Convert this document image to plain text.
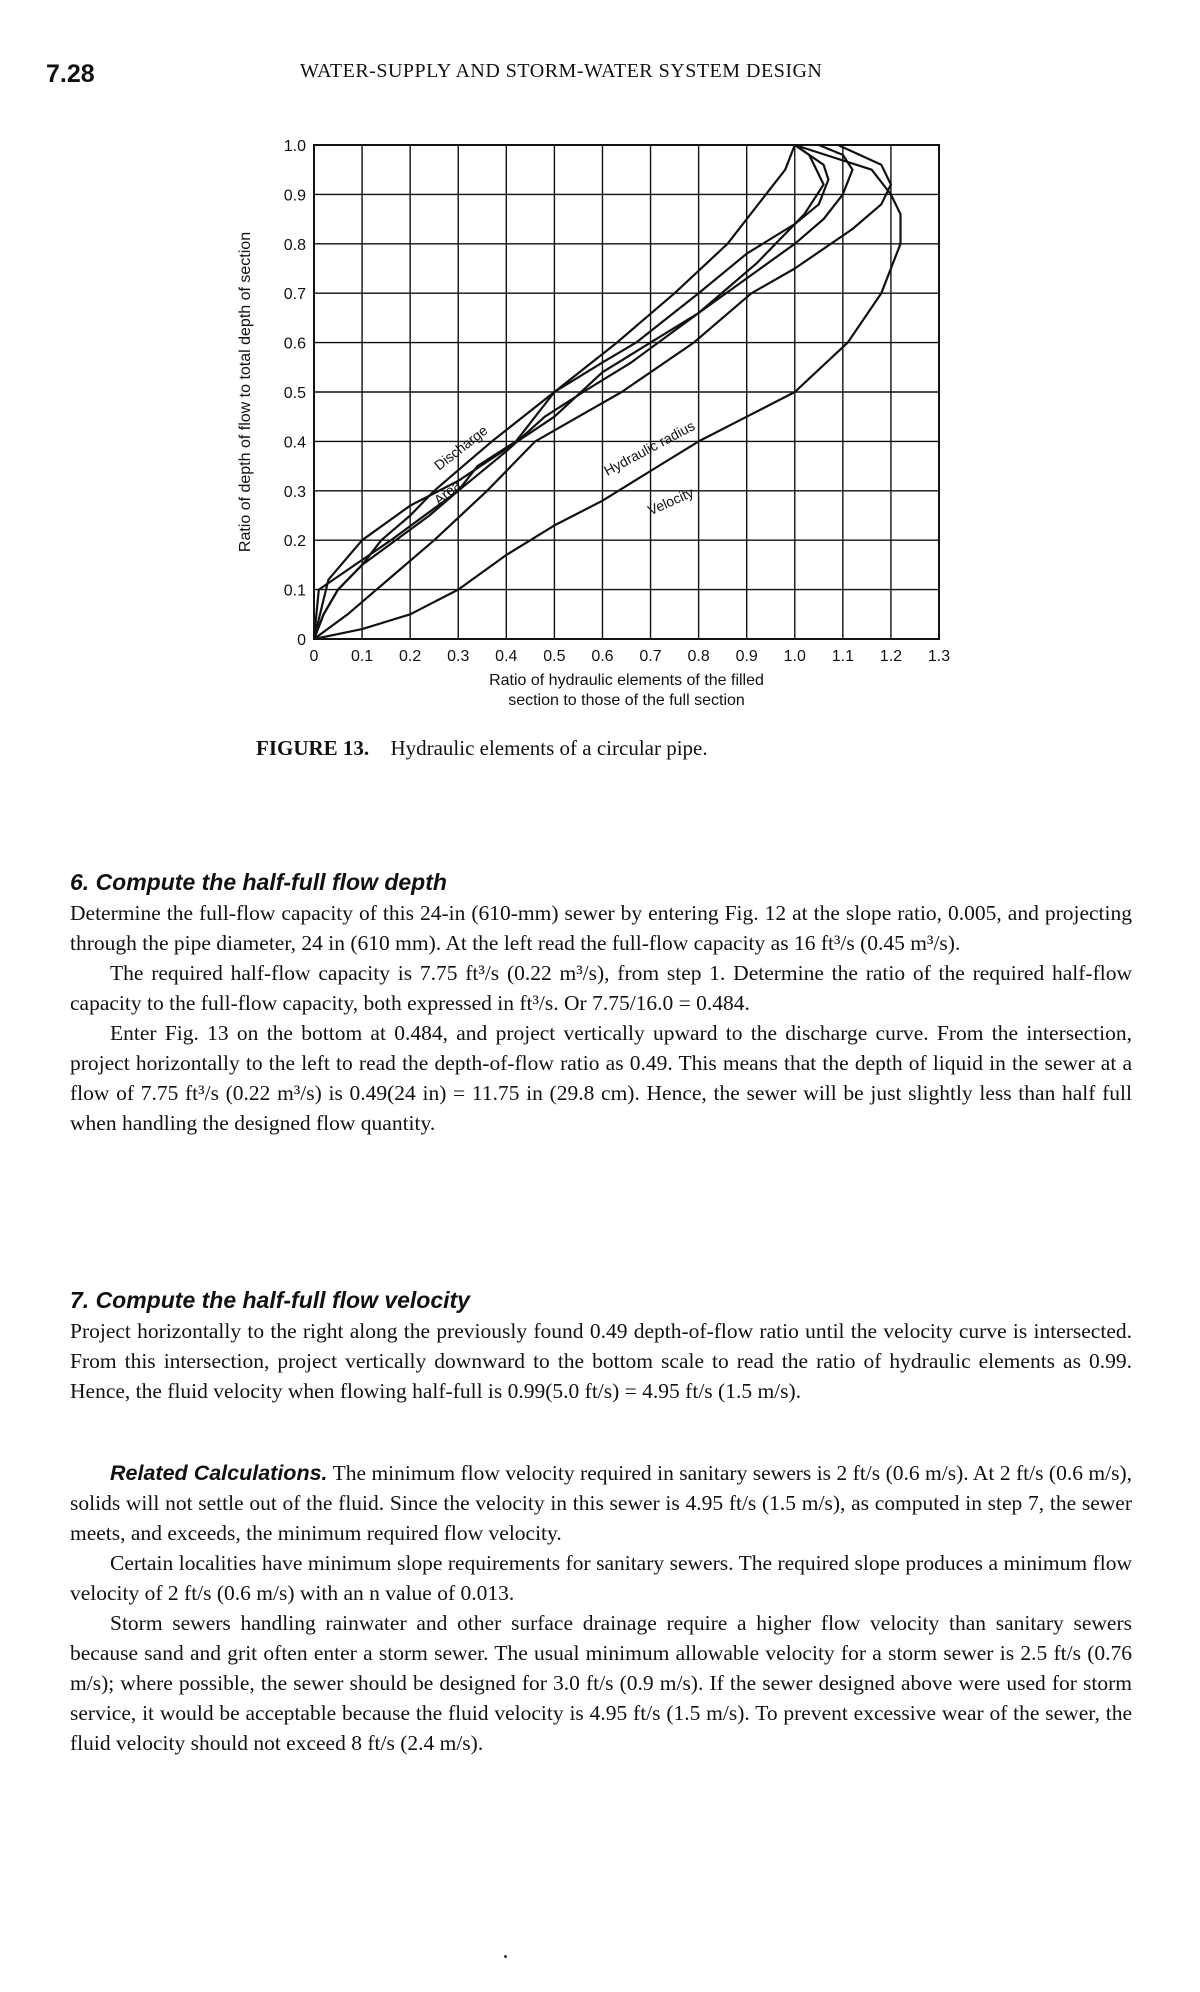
7.28	WATER-SUPPLY AND STORM-WATER SYSTEM DESIGN
0 0.1 0.2 0.3 0.4 0.5 0.6 0.7 0.8 0.9 1.0 1.1 1.2 1.3
0
0.1
0.2
0.3
0.4
0.5
0.6
0.7
0.8
0.9
1.0
Discharge
Area
Hydraulic radius
Velocity
Ratio of hydraulic elements of the filled
section to those of the full section
Ratio of depth of flow to total depth of section
FIGURE 13. Hydraulic elements of a circular pipe.
6. Compute the half-full flow depth

Determine the full-flow capacity of this 24-in (610-mm) sewer by entering Fig. 12 at the slope ratio, 0.005, and projecting through the pipe diameter, 24 in (610 mm). At the left read the full-flow capacity as 16 ft³/s (0.45 m³/s).

The required half-flow capacity is 7.75 ft³/s (0.22 m³/s), from step 1. Determine the ratio of the required half-flow capacity to the full-flow capacity, both expressed in ft³/s. Or 7.75/16.0 = 0.484.

Enter Fig. 13 on the bottom at 0.484, and project vertically upward to the discharge curve. From the intersection, project horizontally to the left to read the depth-of-flow ratio as 0.49. This means that the depth of liquid in the sewer at a flow of 7.75 ft³/s (0.22 m³/s) is 0.49(24 in) = 11.75 in (29.8 cm). Hence, the sewer will be just slightly less than half full when handling the designed flow quantity.

7. Compute the half-full flow velocity

Project horizontally to the right along the previously found 0.49 depth-of-flow ratio until the velocity curve is intersected. From this intersection, project vertically downward to the bottom scale to read the ratio of hydraulic elements as 0.99. Hence, the fluid velocity when flowing half-full is 0.99(5.0 ft/s) = 4.95 ft/s (1.5 m/s).

Related Calculations. The minimum flow velocity required in sanitary sewers is 2 ft/s (0.6 m/s). At 2 ft/s (0.6 m/s), solids will not settle out of the fluid. Since the velocity in this sewer is 4.95 ft/s (1.5 m/s), as computed in step 7, the sewer meets, and exceeds, the minimum required flow velocity.

Certain localities have minimum slope requirements for sanitary sewers. The required slope produces a minimum flow velocity of 2 ft/s (0.6 m/s) with an n value of 0.013.

Storm sewers handling rainwater and other surface drainage require a higher flow velocity than sanitary sewers because sand and grit often enter a storm sewer. The usual minimum allowable velocity for a storm sewer is 2.5 ft/s (0.76 m/s); where possible, the sewer should be designed for 3.0 ft/s (0.9 m/s). If the sewer designed above were used for storm service, it would be acceptable because the fluid velocity is 4.95 ft/s (1.5 m/s). To prevent excessive wear of the sewer, the fluid velocity should not exceed 8 ft/s (2.4 m/s).
